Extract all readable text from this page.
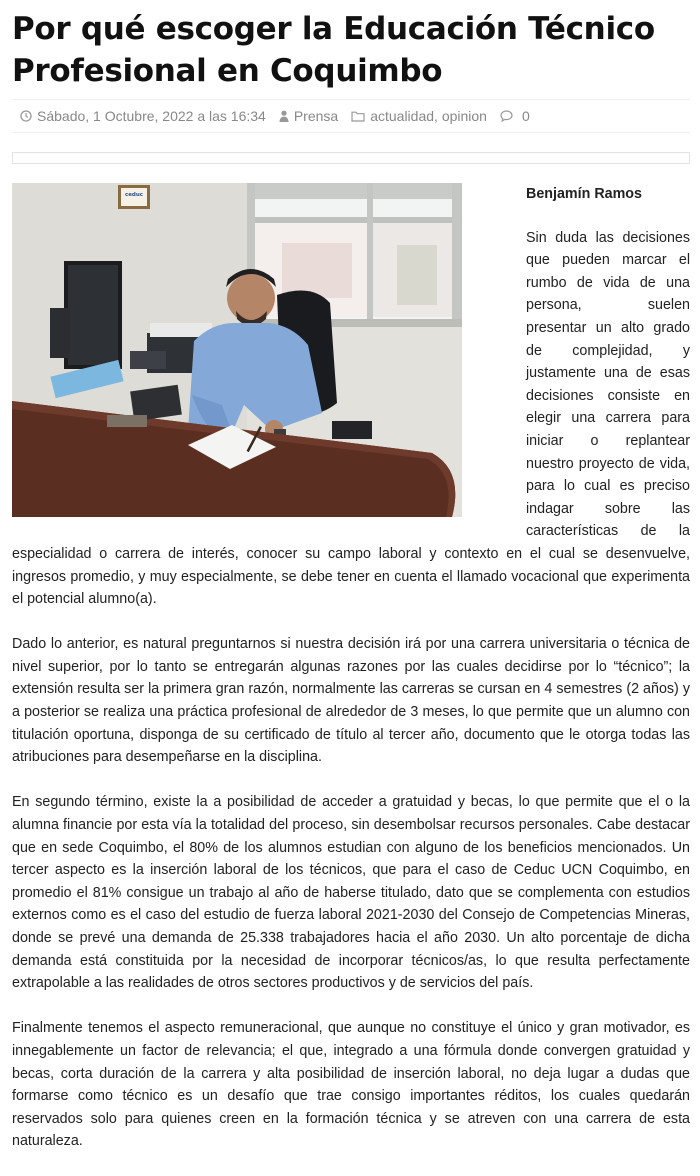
Por qué escoger la Educación Técnico Profesional en Coquimbo
Sábado, 1 Octubre, 2022 a las 16:34 Prensa actualidad ,
opinion	0
ceduc	Benjamín Ramos

Sin duda las decisiones que pueden marcar el rumbo de vida de una persona, suelen presentar un alto grado de complejidad, y justamente una de esas decisiones consiste en elegir una carrera para iniciar o replantear nuestro proyecto de vida, para lo cual es preciso indagar sobre las características de la especialidad o carrera de interés, conocer su campo laboral y contexto en el cual se desenvuelve, ingresos promedio, y muy especialmente, se debe tener en cuenta el llamado vocacional que experimenta el potencial alumno(a).

Dado lo anterior, es natural preguntarnos si nuestra decisión irá por una carrera universitaria o técnica de nivel superior, por lo tanto se entregarán algunas razones por las cuales decidirse por lo “técnico”; la extensión resulta ser la primera gran razón, normalmente las carreras se cursan en 4 semestres (2 años) y a posterior se realiza una práctica profesional de alrededor de 3 meses, lo que permite que un alumno con titulación oportuna, disponga de su certificado de título al tercer año, documento que le otorga todas las atribuciones para desempeñarse en la disciplina.

En segundo término, existe la a posibilidad de acceder a gratuidad y becas, lo que permite que el o la alumna financie por esta vía la totalidad del proceso, sin desembolsar recursos personales. Cabe destacar que en sede Coquimbo, el 80% de los alumnos estudian con alguno de los beneficios mencionados. Un tercer aspecto es la inserción laboral de los técnicos, que para el caso de Ceduc UCN Coquimbo, en promedio el 81% consigue un trabajo al año de haberse titulado, dato que se complementa con estudios externos como es el caso del estudio de fuerza laboral 2021-2030 del Consejo de Competencias Mineras, donde se prevé una demanda de 25.338 trabajadores hacia el año 2030. Un alto porcentaje de dicha demanda está constituida por la necesidad de incorporar técnicos/as, lo que resulta perfectamente extrapolable a las realidades de otros sectores productivos y de servicios del país.

Finalmente tenemos el aspecto remuneracional, que aunque no constituye el único y gran motivador, es innegablemente un factor de relevancia; el que, integrado a una fórmula donde convergen gratuidad y becas, corta duración de la carrera y alta posibilidad de inserción laboral, no deja lugar a dudas que formarse como técnico es un desafío que trae consigo importantes réditos, los cuales quedarán reservados solo para quienes creen en la formación técnica y se atreven con una carrera de esta naturaleza.
